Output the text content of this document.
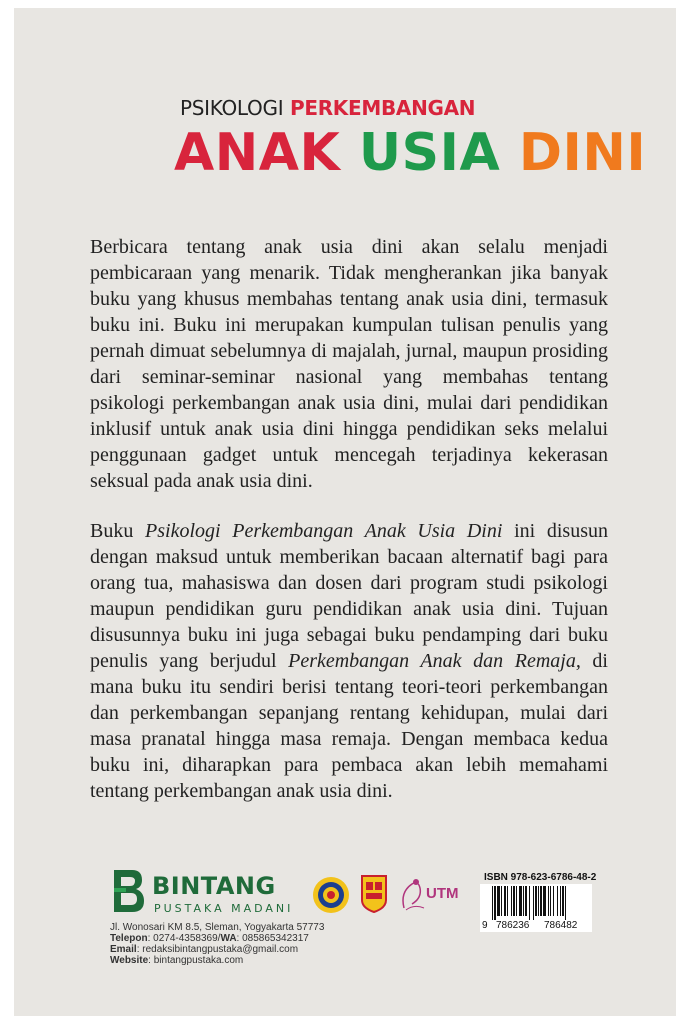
PSIKOLOGI PERKEMBANGAN
ANAK USIA DINI

Berbicara tentang anak usia dini akan selalu menjadi pembicaraan yang menarik. Tidak mengherankan jika banyak buku yang khusus membahas tentang anak usia dini, termasuk buku ini. Buku ini merupakan kumpulan tulisan penulis yang pernah dimuat sebelumnya di majalah, jurnal, maupun prosiding dari seminar-seminar nasional yang membahas tentang psikologi perkembangan anak usia dini, mulai dari pendidikan inklusif untuk anak usia dini hingga pendidikan seks melalui penggunaan gadget untuk mencegah terjadinya kekerasan seksual pada anak usia dini.

Buku Psikologi Perkembangan Anak Usia Dini ini disusun dengan maksud untuk memberikan bacaan alternatif bagi para orang tua, mahasiswa dan dosen dari program studi psikologi maupun pendidikan guru pendidikan anak usia dini. Tujuan disusunnya buku ini juga sebagai buku pendamping dari buku penulis yang berjudul Perkembangan Anak dan Remaja, di mana buku itu sendiri berisi tentang teori-teori perkembangan dan perkembangan sepanjang rentang kehidupan, mulai dari masa pranatal hingga masa remaja. Dengan membaca kedua buku ini, diharapkan para pembaca akan lebih memahami tentang perkembangan anak usia dini.

BINTANG
PUSTAKA MADANI
Jl. Wonosari KM 8.5, Sleman, Yogyakarta 57773
Telepon: 0274-4358369/WA: 085865342317
Email: redaksibintangpustaka@gmail.com
Website: bintangpustaka.com
UTM
ISBN 978-623-6786-48-2
9 786236 786482
